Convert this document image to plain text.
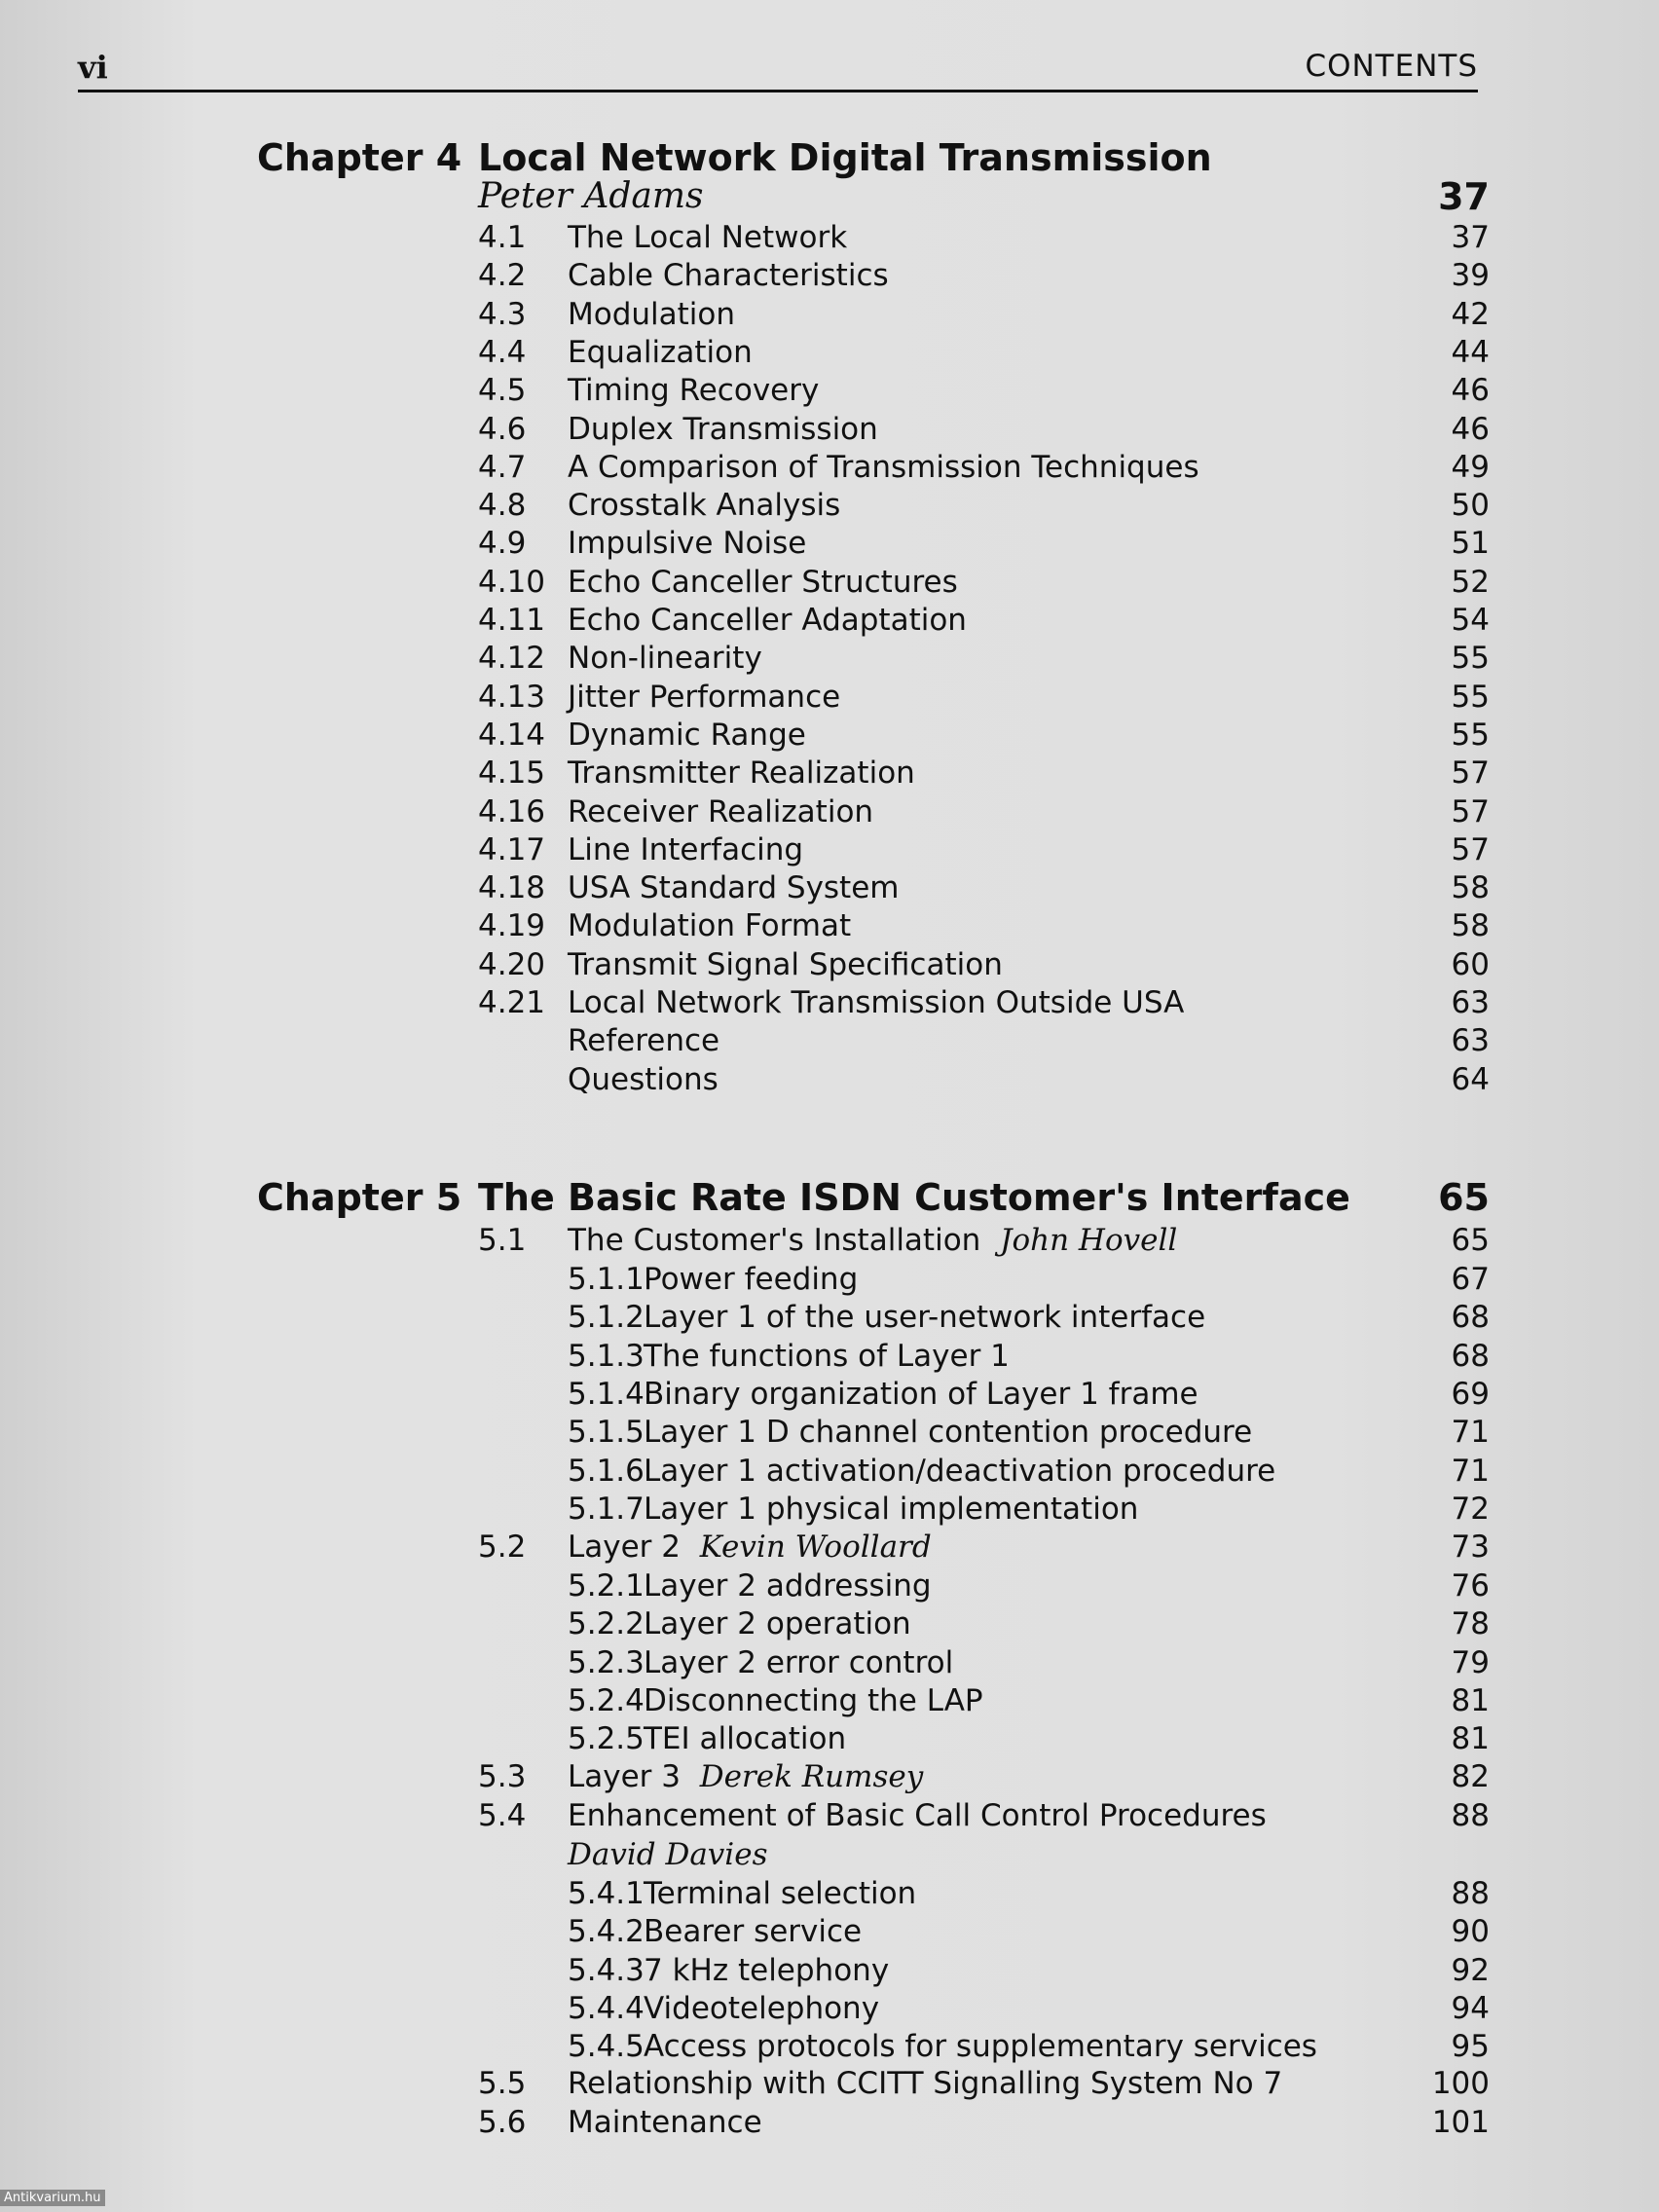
vi	CONTENTS
Chapter 4 Local Network Digital Transmission
Peter Adams	37
4.1 The Local Network	37
4.2 Cable Characteristics	39
4.3 Modulation	42
4.4 Equalization	44
4.5 Timing Recovery	46
4.6 Duplex Transmission	46
4.7 A Comparison of Transmission Techniques	49
4.8 Crosstalk Analysis	50
4.9 Impulsive Noise	51
4.10 Echo Canceller Structures	52
4.11 Echo Canceller Adaptation	54
4.12 Non-linearity	55
4.13 Jitter Performance	55
4.14 Dynamic Range	55
4.15 Transmitter Realization	57
4.16 Receiver Realization	57
4.17 Line Interfacing	57
4.18 USA Standard System	58
4.19 Modulation Format	58
4.20 Transmit Signal Specification	60
4.21 Local Network Transmission Outside USA	63
Reference	63
Questions	64
Chapter 5 The Basic Rate ISDN Customer's Interface 65
5.1 The Customer's Installation John Hovell	65
5.1.1 Power feeding	67
5.1.2 Layer 1 of the user-network interface	68
5.1.3 The functions of Layer 1	68
5.1.4 Binary organization of Layer 1 frame	69
5.1.5 Layer 1 D channel contention procedure	71
5.1.6 Layer 1 activation/deactivation procedure	71
5.1.7 Layer 1 physical implementation	72
5.2 Layer 2 Kevin Woollard	73
5.2.1 Layer 2 addressing	76
5.2.2 Layer 2 operation	78
5.2.3 Layer 2 error control	79
5.2.4 Disconnecting the LAP	81
5.2.5 TEI allocation	81
5.3 Layer 3 Derek Rumsey	82
5.4 Enhancement of Basic Call Control Procedures	88
David Davies
5.4.1 Terminal selection	88
5.4.2 Bearer service	90
5.4.3 7 kHz telephony	92
5.4.4 Videotelephony	94
5.4.5 Access protocols for supplementary services	95
5.5 Relationship with CCITT Signalling System No 7	100
5.6 Maintenance	101
Antikvarium.hu
